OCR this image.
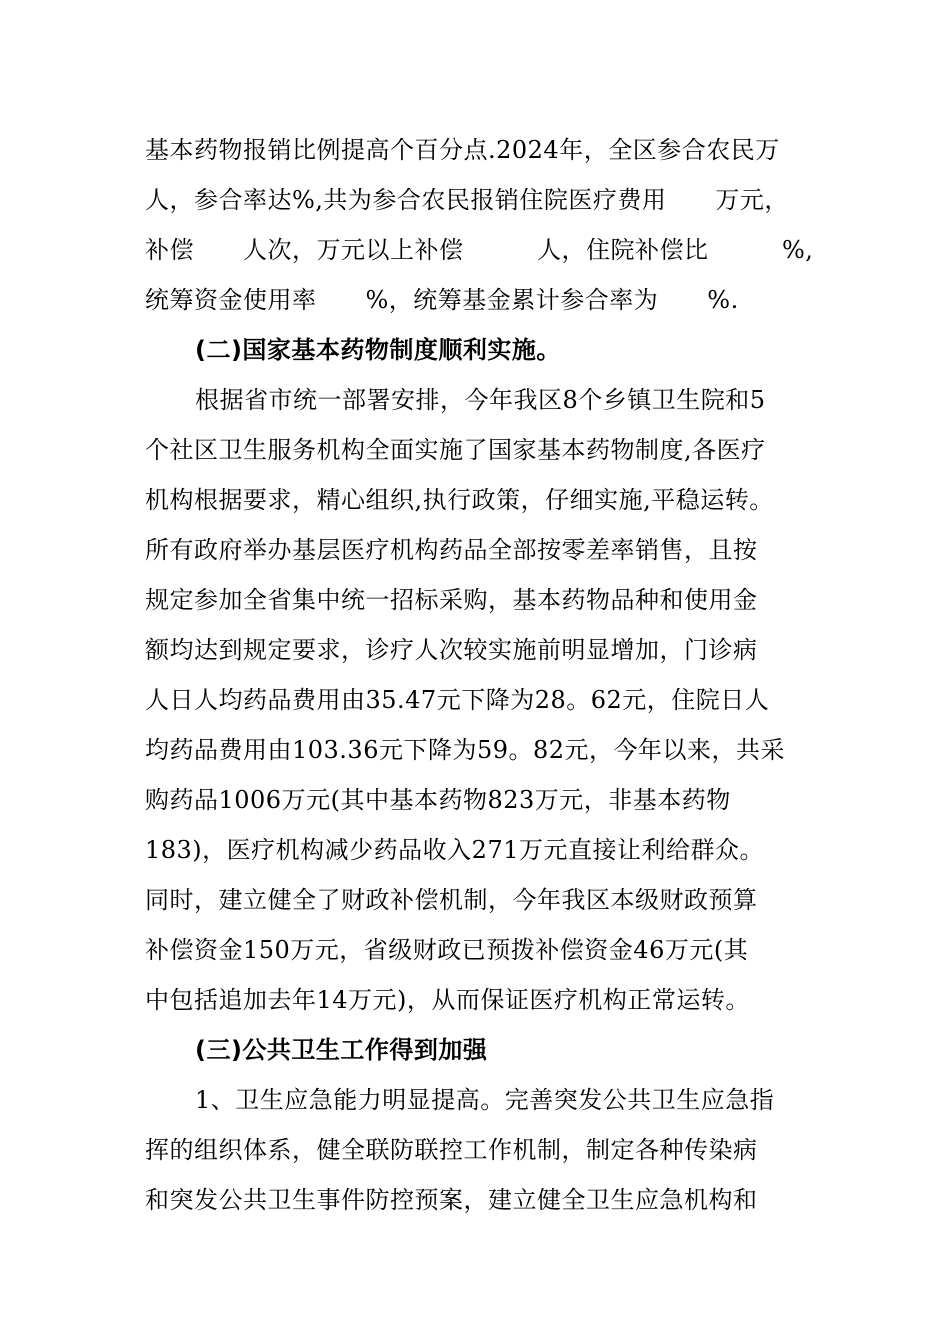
基本药物报销比例提高个百分点.2024年，全区参合农民万
人，参合率达%,共为参合农民报销住院医疗费用　　万元，
补偿　　人次，万元以上补偿　　　人，住院补偿比　　　%,
统筹资金使用率　　%，统筹基金累计参合率为　　%.
(二)国家基本药物制度顺利实施。
根据省市统一部署安排，今年我区8个乡镇卫生院和5
个社区卫生服务机构全面实施了国家基本药物制度,各医疗
机构根据要求，精心组织,执行政策，仔细实施,平稳运转。
所有政府举办基层医疗机构药品全部按零差率销售，且按
规定参加全省集中统一招标采购，基本药物品种和使用金
额均达到规定要求，诊疗人次较实施前明显增加，门诊病
人日人均药品费用由35.47元下降为28。62元，住院日人
均药品费用由103.36元下降为59。82元，今年以来，共采
购药品1006万元(其中基本药物823万元，非基本药物
183)，医疗机构减少药品收入271万元直接让利给群众。
同时，建立健全了财政补偿机制，今年我区本级财政预算
补偿资金150万元，省级财政已预拨补偿资金46万元(其
中包括追加去年14万元)，从而保证医疗机构正常运转。
(三)公共卫生工作得到加强
1、卫生应急能力明显提高。完善突发公共卫生应急指
挥的组织体系，健全联防联控工作机制，制定各种传染病
和突发公共卫生事件防控预案，建立健全卫生应急机构和
